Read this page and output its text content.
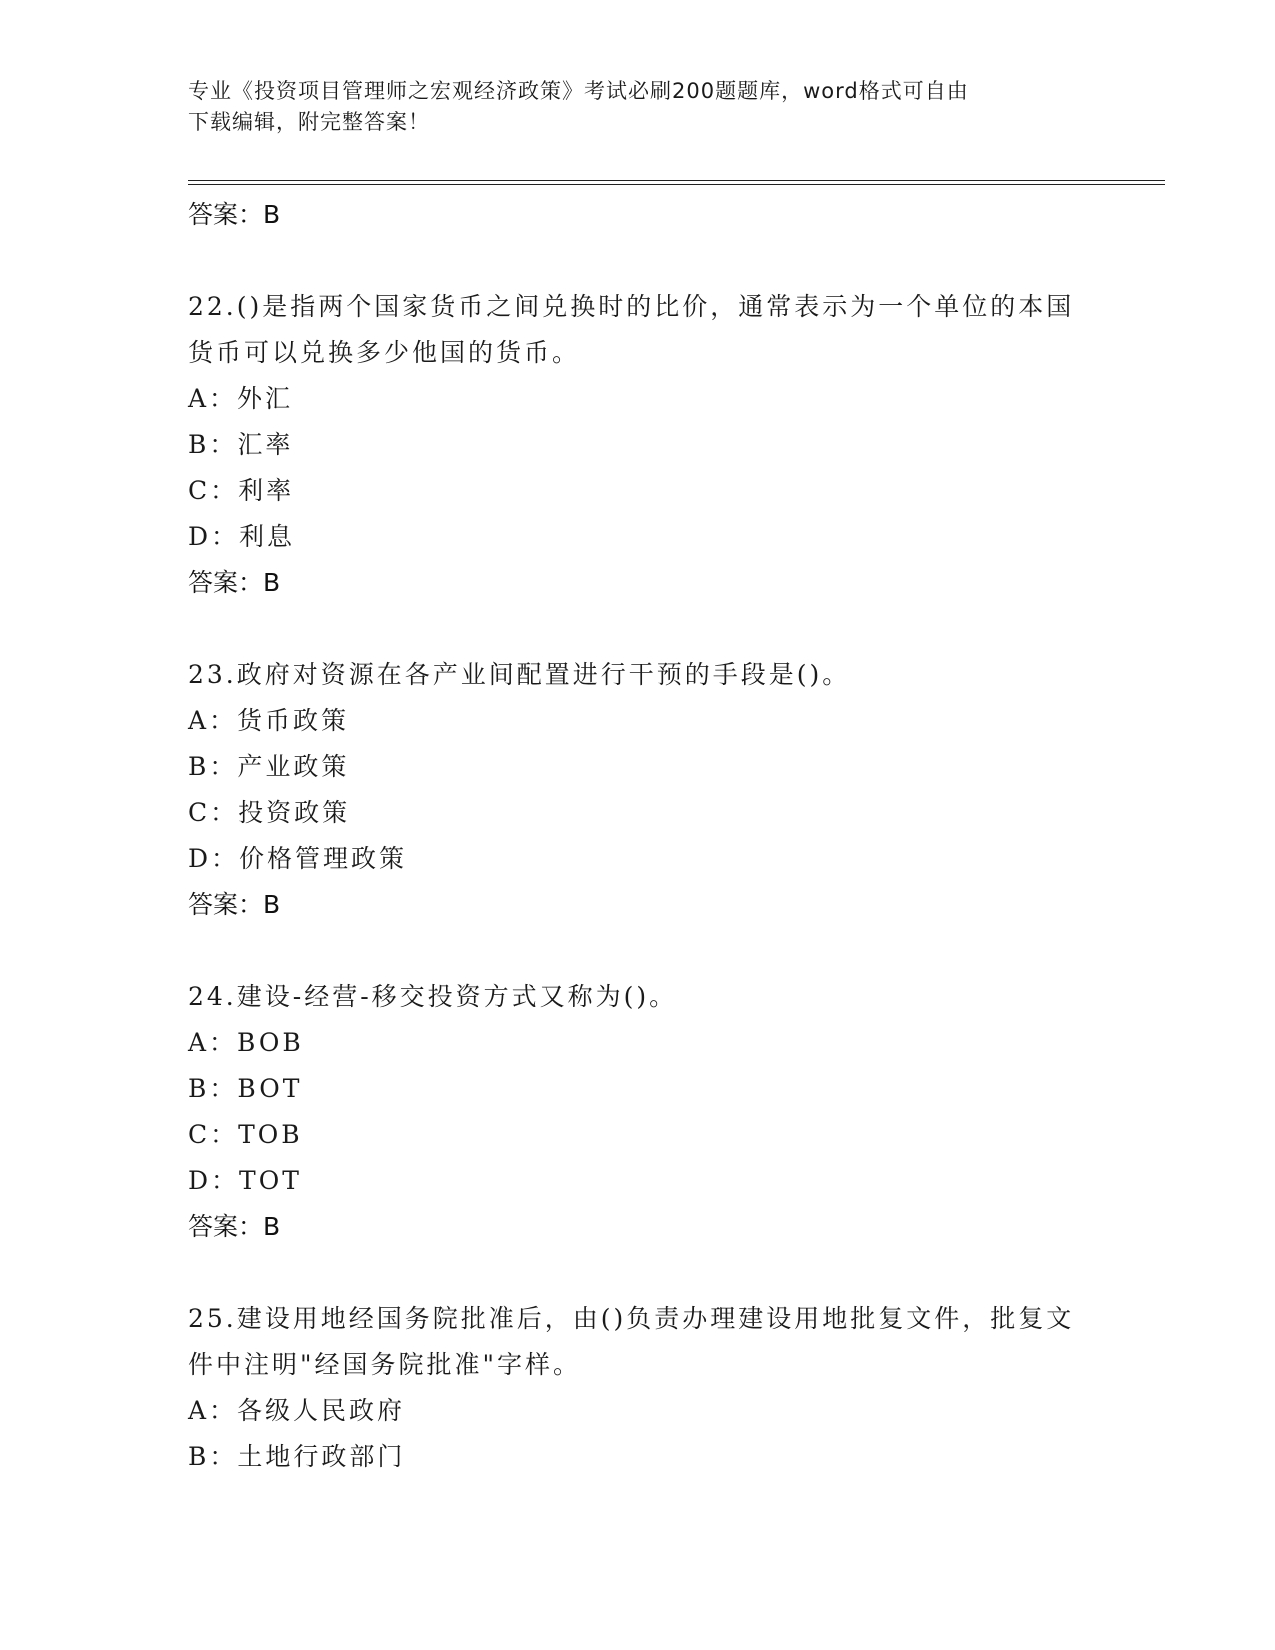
专业《投资项目管理师之宏观经济政策》考试必刷200题题库，word格式可自由
下载编辑，附完整答案！
答案：B
22.()是指两个国家货币之间兑换时的比价，通常表示为一个单位的本国货币可以兑换多少他国的货币。
A：外汇
B：汇率
C：利率
D：利息
答案：B
23.政府对资源在各产业间配置进行干预的手段是()。
A：货币政策
B：产业政策
C：投资政策
D：价格管理政策
答案：B
24.建设-经营-移交投资方式又称为()。
A：BOB
B：BOT
C：TOB
D：TOT
答案：B
25.建设用地经国务院批准后，由()负责办理建设用地批复文件，批复文件中注明"经国务院批准"字样。
A：各级人民政府
B：土地行政部门
